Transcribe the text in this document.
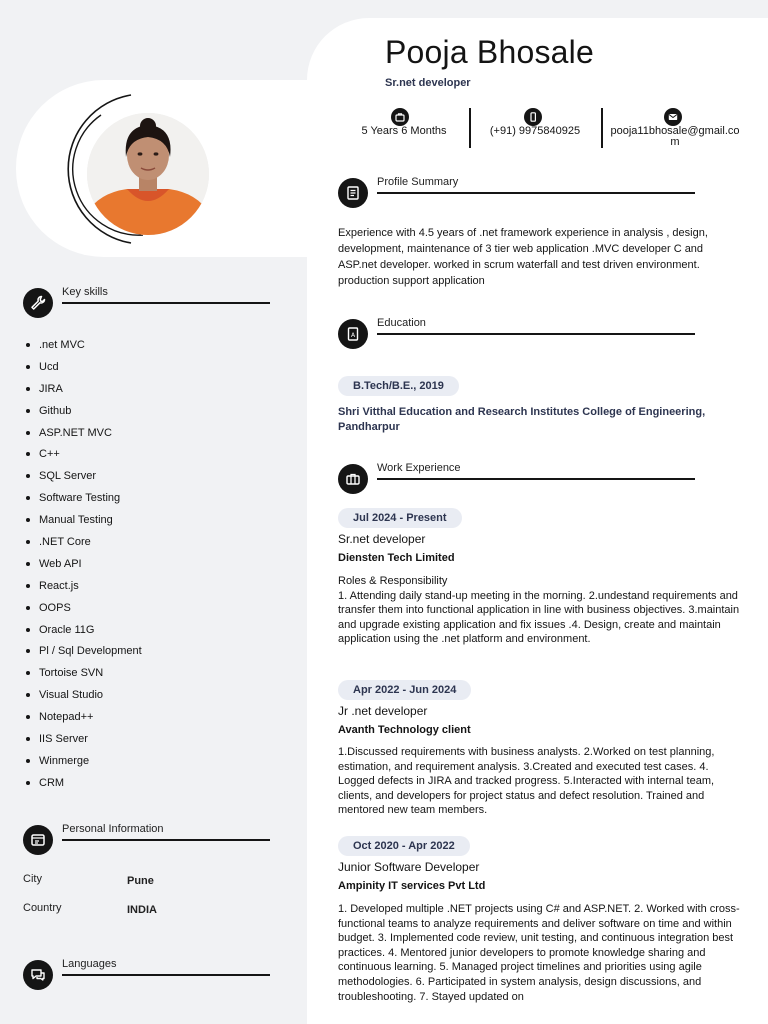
Key skills
.net MVC
Ucd
JIRA
Github
ASP.NET MVC
C++
SQL Server
Software Testing
Manual Testing
.NET Core
Web API
React.js
OOPS
Oracle 11G
Pl / Sql Development
Tortoise SVN
Visual Studio
Notepad++
IIS Server
Winmerge
CRM
Personal Information
City	Pune
Country	INDIA
Languages
Pooja Bhosale
Sr.net developer
5 Years 6 Months	(+91) 9975840925	pooja11bhosale@gmail.com
Profile Summary
Experience with 4.5 years of .net framework experience in analysis , design, development, maintenance of 3 tier web application .MVC developer C and ASP.net developer. worked in scrum waterfall and test driven environment. production support application
A
Education
B.Tech/B.E., 2019
Shri Vitthal Education and Research Institutes College of Engineering, Pandharpur
Work Experience
Jul 2024 - Present
Sr.net developer
Diensten Tech Limited
Roles & Responsibility
1. Attending daily stand-up meeting in the morning. 2.undestand requirements and transfer them into functional application in line with business objectives. 3.maintain and upgrade existing application and fix issues .4. Design, create and maintain application using the .net platform and environment.
Apr 2022 - Jun 2024
Jr .net developer
Avanth Technology client
1.Discussed requirements with business analysts. 2.Worked on test planning, estimation, and requirement analysis. 3.Created and executed test cases. 4. Logged defects in JIRA and tracked progress. 5.Interacted with internal team, clients, and developers for project status and defect resolution. Trained and mentored new team members.
Oct 2020 - Apr 2022
Junior Software Developer
Ampinity IT services Pvt Ltd
1. Developed multiple .NET projects using C# and ASP.NET. 2. Worked with cross-functional teams to analyze requirements and deliver software on time and within budget. 3. Implemented code review, unit testing, and continuous integration best practices. 4. Mentored junior developers to promote knowledge sharing and continuous learning. 5. Managed project timelines and priorities using agile methodologies. 6. Participated in system analysis, design discussions, and troubleshooting. 7. Stayed updated on
